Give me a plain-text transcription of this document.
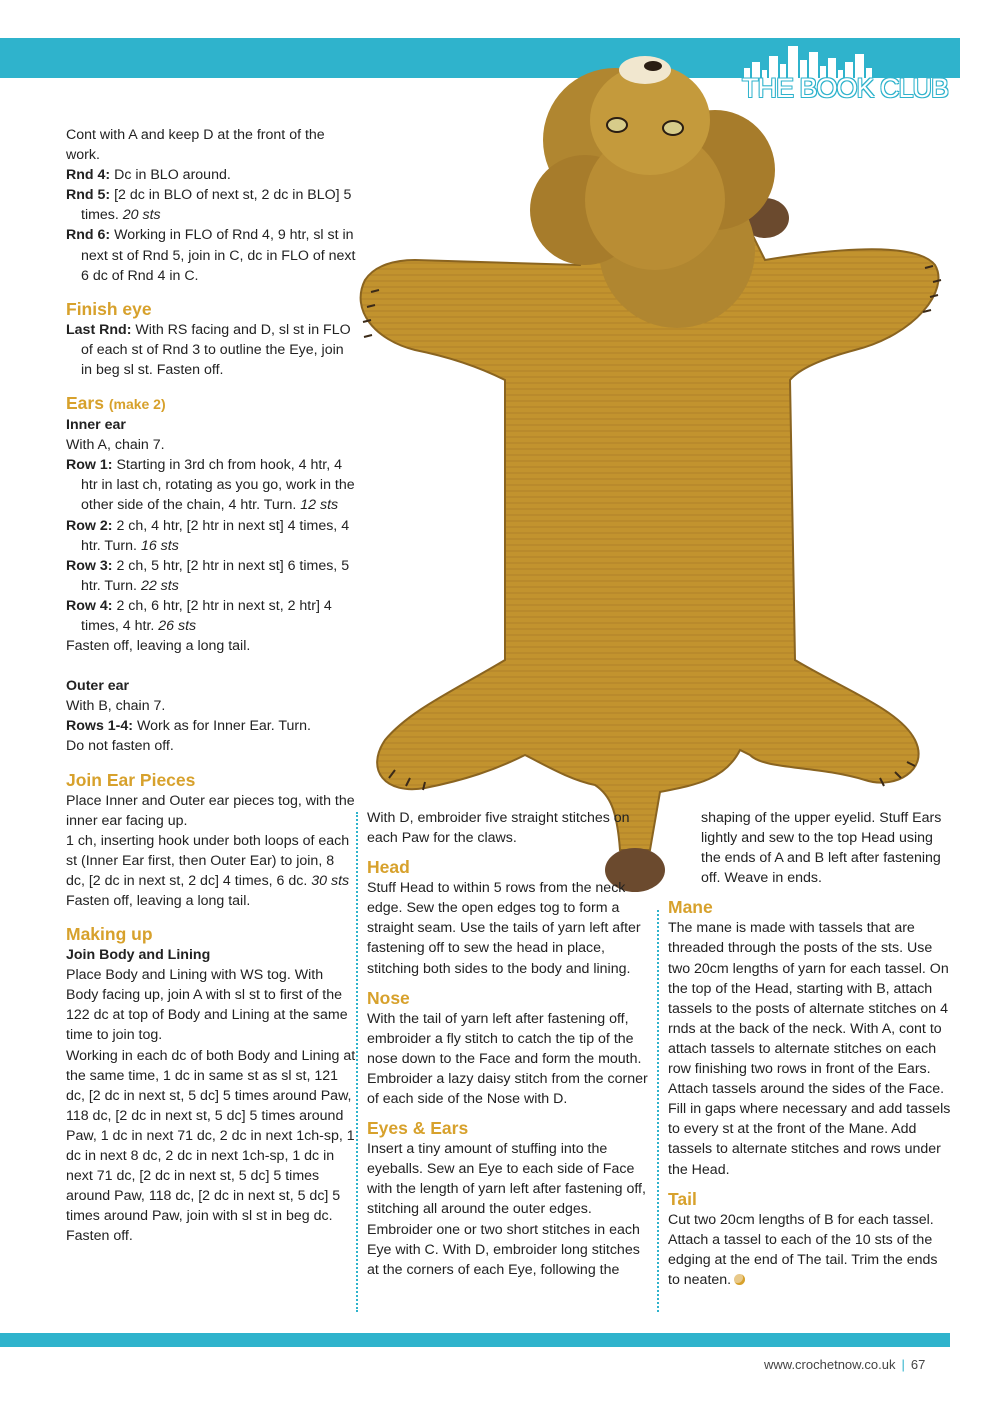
THE BOOK CLUB

Cont with A and keep D at the front of the work.

Rnd 4: Dc in BLO around.

Rnd 5: [2 dc in BLO of next st, 2 dc in BLO] 5 times. 20 sts

Rnd 6: Working in FLO of Rnd 4, 9 htr, sl st in next st of Rnd 5, join in C, dc in FLO of next 6 dc of Rnd 4 in C.

Finish eye

Last Rnd: With RS facing and D, sl st in FLO of each st of Rnd 3 to outline the Eye, join in beg sl st. Fasten off.

Ears (make 2)

Inner ear

With A, chain 7.

Row 1: Starting in 3rd ch from hook, 4 htr, 4 htr in last ch, rotating as you go, work in the other side of the chain, 4 htr. Turn. 12 sts

Row 2: 2 ch, 4 htr, [2 htr in next st] 4 times, 4 htr. Turn. 16 sts

Row 3: 2 ch, 5 htr, [2 htr in next st] 6 times, 5 htr. Turn. 22 sts

Row 4: 2 ch, 6 htr, [2 htr in next st, 2 htr] 4 times, 4 htr. 26 sts

Fasten off, leaving a long tail.

Outer ear

With B, chain 7.

Rows 1-4: Work as for Inner Ear. Turn.

Do not fasten off.

Join Ear Pieces

Place Inner and Outer ear pieces tog, with the inner ear facing up.

1 ch, inserting hook under both loops of each st (Inner Ear first, then Outer Ear) to join, 8 dc, [2 dc in next st, 2 dc] 4 times, 6 dc. 30 sts

Fasten off, leaving a long tail.

Making up

Join Body and Lining

Place Body and Lining with WS tog. With Body facing up, join A with sl st to first of the 122 dc at top of Body and Lining at the same time to join tog.

Working in each dc of both Body and Lining at the same time, 1 dc in same st as sl st, 121 dc, [2 dc in next st, 5 dc] 5 times around Paw, 118 dc, [2 dc in next st, 5 dc] 5 times around Paw, 1 dc in next 71 dc, 2 dc in next 1ch-sp, 1 dc in next 8 dc, 2 dc in next 1ch-sp, 1 dc in next 71 dc, [2 dc in next st, 5 dc] 5 times around Paw, 118 dc, [2 dc in next st, 5 dc] 5 times around Paw, join with sl st in beg dc. Fasten off.

With D, embroider five straight stitches on each Paw for the claws.

Head

Stuff Head to within 5 rows from the neck edge. Sew the open edges tog to form a straight seam. Use the tails of yarn left after fastening off to sew the head in place, stitching both sides to the body and lining.

Nose

With the tail of yarn left after fastening off, embroider a fly stitch to catch the tip of the nose down to the Face and form the mouth. Embroider a lazy daisy stitch from the corner of each side of the Nose with D.

Eyes & Ears

Insert a tiny amount of stuffing into the eyeballs. Sew an Eye to each side of Face with the length of yarn left after fastening off, stitching all around the outer edges. Embroider one or two short stitches in each Eye with C. With D, embroider long stitches at the corners of each Eye, following the

shaping of the upper eyelid. Stuff Ears lightly and sew to the top Head using the ends of A and B left after fastening off. Weave in ends.

Mane

The mane is made with tassels that are threaded through the posts of the sts. Use two 20cm lengths of yarn for each tassel. On the top of the Head, starting with B, attach tassels to the posts of alternate stitches on 4 rnds at the back of the neck. With A, cont to attach tassels to alternate stitches on each row finishing two rows in front of the Ears. Attach tassels around the sides of the Face. Fill in gaps where necessary and add tassels to every st at the front of the Mane. Add tassels to alternate stitches and rows under the Head.

Tail

Cut two 20cm lengths of B for each tassel. Attach a tassel to each of the 10 sts of the edging at the end of The tail. Trim the ends to neaten.

www.crochetnow.co.uk | 67
